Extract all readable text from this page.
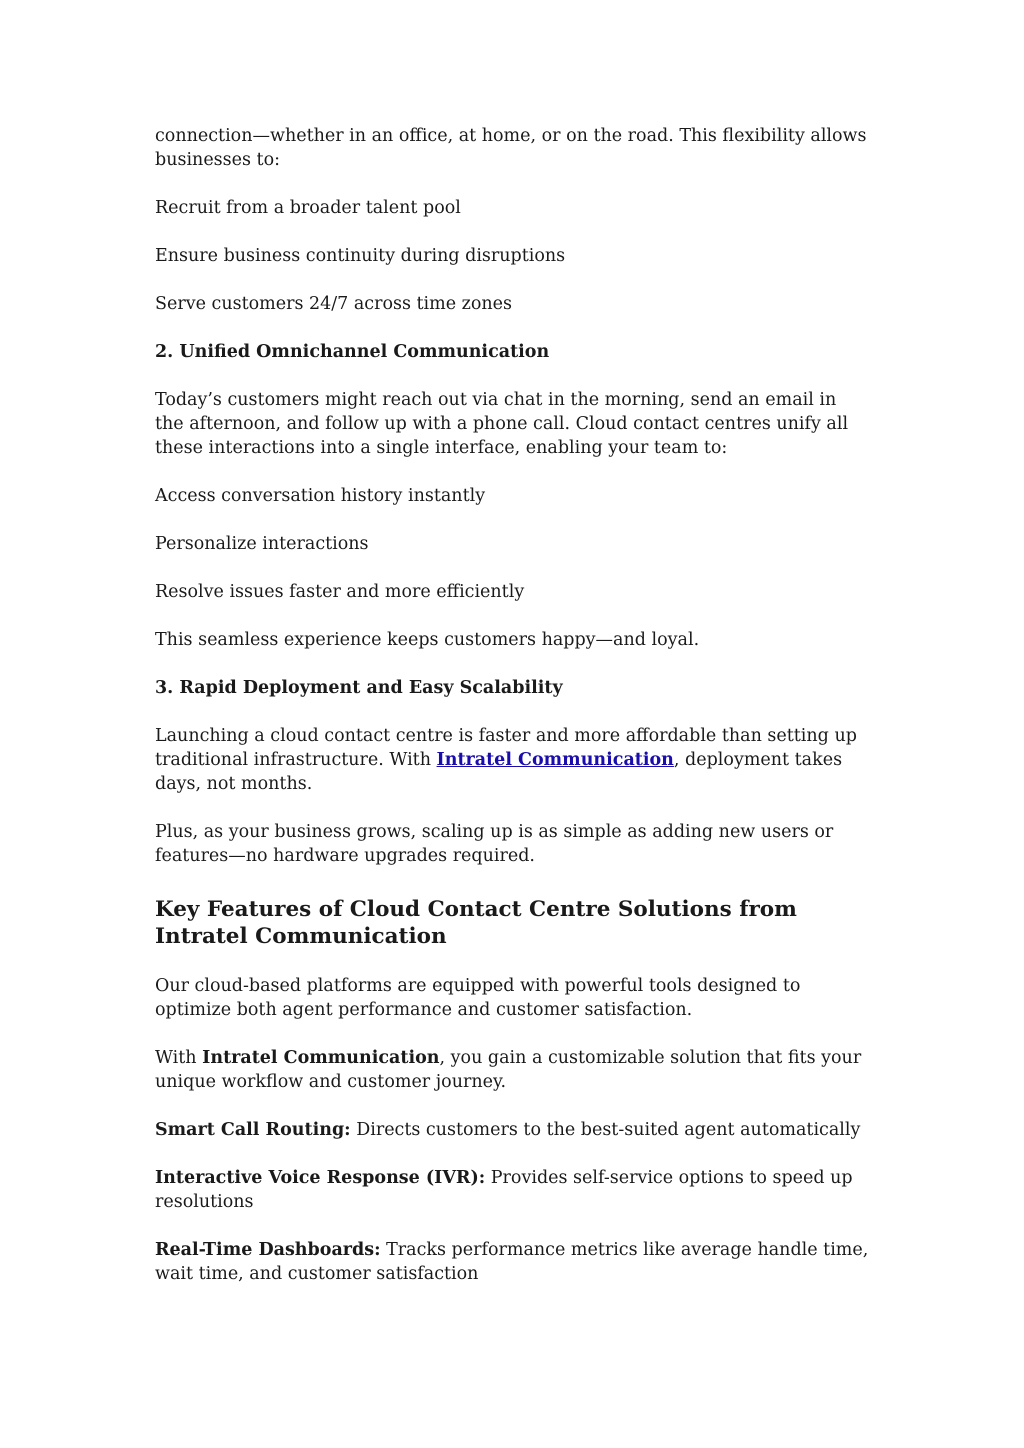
connection—whether in an office, at home, or on the road. This flexibility allows businesses to:

Recruit from a broader talent pool

Ensure business continuity during disruptions

Serve customers 24/7 across time zones

2. Unified Omnichannel Communication

Today’s customers might reach out via chat in the morning, send an email in the afternoon, and follow up with a phone call. Cloud contact centres unify all these interactions into a single interface, enabling your team to:

Access conversation history instantly

Personalize interactions

Resolve issues faster and more efficiently

This seamless experience keeps customers happy—and loyal.

3. Rapid Deployment and Easy Scalability

Launching a cloud contact centre is faster and more affordable than setting up traditional infrastructure. With Intratel Communication, deployment takes days, not months.

Plus, as your business grows, scaling up is as simple as adding new users or features—no hardware upgrades required.

Key Features of Cloud Contact Centre Solutions from Intratel Communication

Our cloud-based platforms are equipped with powerful tools designed to optimize both agent performance and customer satisfaction.

With Intratel Communication, you gain a customizable solution that fits your unique workflow and customer journey.

Smart Call Routing: Directs customers to the best-suited agent automatically

Interactive Voice Response (IVR): Provides self-service options to speed up resolutions

Real-Time Dashboards: Tracks performance metrics like average handle time, wait time, and customer satisfaction
